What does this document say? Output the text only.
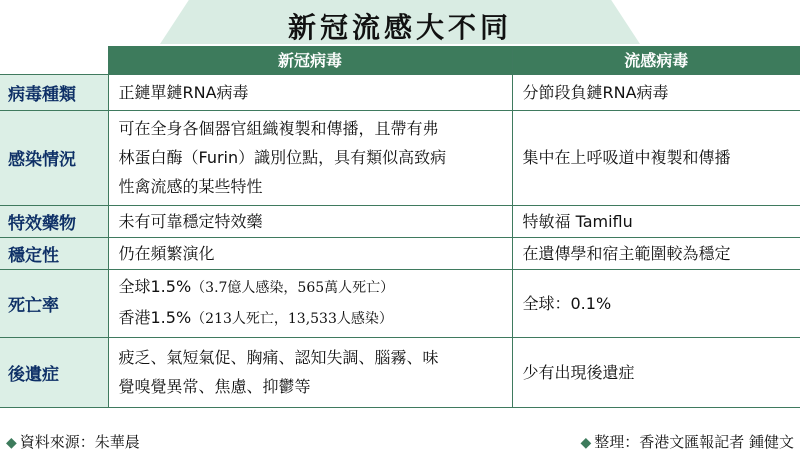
新冠流感大不同
	新冠病毒	流感病毒
病毒種類	正鏈單鏈RNA病毒	分節段負鏈RNA病毒

感染情況	可在全身各個器官組織複製和傳播，且帶有弗
林蛋白酶（Furin）識別位點，具有類似高致病
性禽流感的某些特性	集中在上呼吸道中複製和傳播

特效藥物	未有可靠穩定特效藥	特敏福 Tamiflu

穩定性	仍在頻繁演化	在遺傳學和宿主範圍較為穩定

死亡率	全球1.5%（3.7億人感染，565萬人死亡）
香港1.5%（213人死亡，13,533人感染）	全球：0.1%

後遺症	疲乏、氣短氣促、胸痛、認知失調、腦霧、味
覺嗅覺異常、焦慮、抑鬱等	少有出現後遺症
◆ 資料來源：朱華晨	◆ 整理：香港文匯報記者 鍾健文
